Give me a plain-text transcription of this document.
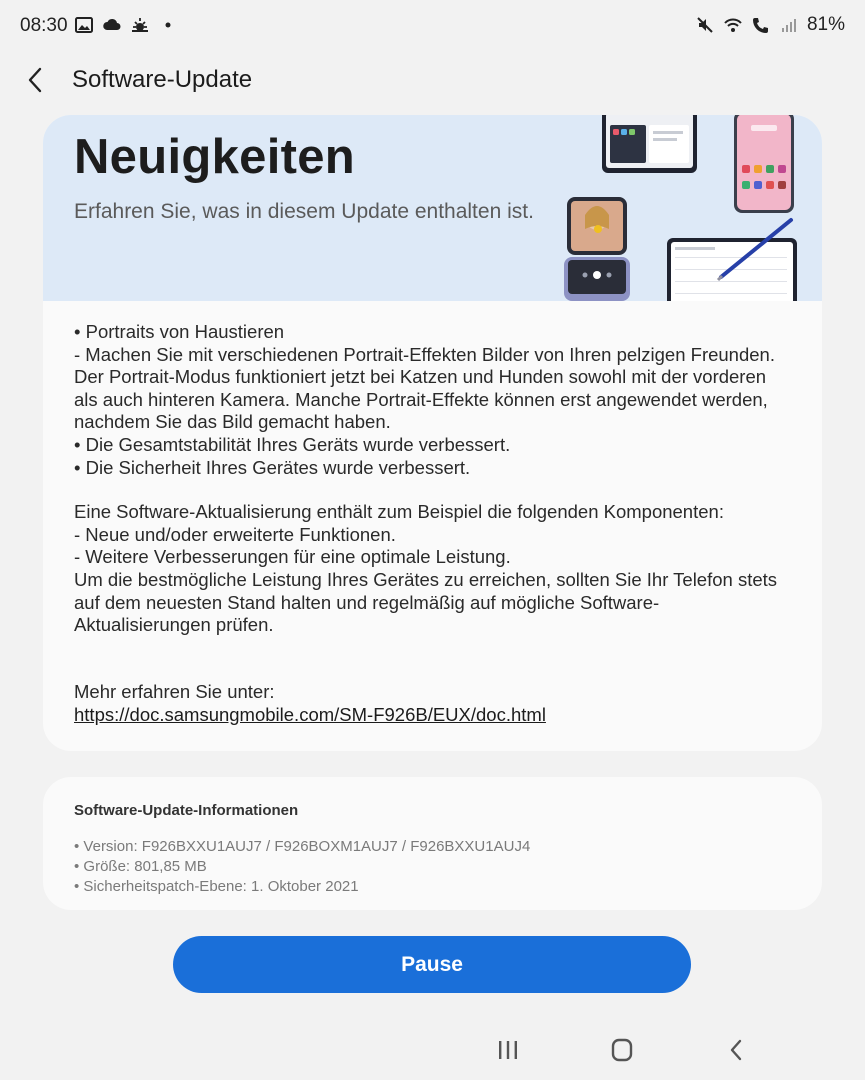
08:30	81%
Software-Update
Neuigkeiten
Erfahren Sie, was in diesem Update enthalten ist.

• Portraits von Haustieren
- Machen Sie mit verschiedenen Portrait-Effekten Bilder von Ihren pelzigen Freunden. Der Portrait-Modus funktioniert jetzt bei Katzen und Hunden sowohl mit der vorderen als auch hinteren Kamera. Manche Portrait-Effekte können erst angewendet werden, nachdem Sie das Bild gemacht haben.
• Die Gesamtstabilität Ihres Geräts wurde verbessert.
• Die Sicherheit Ihres Gerätes wurde verbessert.

Eine Software-Aktualisierung enthält zum Beispiel die folgenden Komponenten:
- Neue und/oder erweiterte Funktionen.
- Weitere Verbesserungen für eine optimale Leistung.
Um die bestmögliche Leistung Ihres Gerätes zu erreichen, sollten Sie Ihr Telefon stets auf dem neuesten Stand halten und regelmäßig auf mögliche Software-Aktualisierungen prüfen.

Mehr erfahren Sie unter:
https://doc.samsungmobile.com/SM-F926B/EUX/doc.html
Software-Update-Informationen
• Version: F926BXXU1AUJ7 / F926BOXM1AUJ7 / F926BXXU1AUJ4
• Größe: 801,85 MB
• Sicherheitspatch-Ebene: 1. Oktober 2021
Pause
